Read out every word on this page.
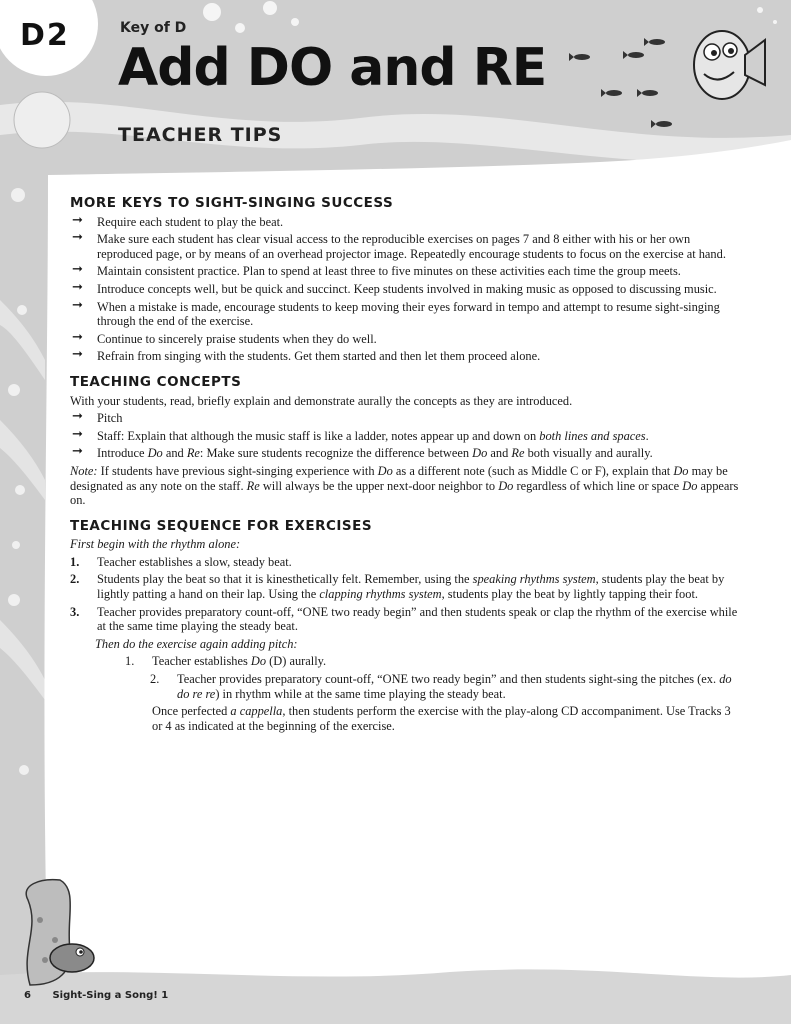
D2	Key of D
Add DO and RE
TEACHER TIPS
MORE KEYS TO SIGHT-SINGING SUCCESS
➞ Require each student to play the beat.
➞ Make sure each student has clear visual access to the reproducible exercises on pages 7 and 8 either with his or her own reproduced page, or by means of an overhead projector image. Repeatedly encourage students to focus on the exercise at hand.
➞ Maintain consistent practice. Plan to spend at least three to five minutes on these activities each time the group meets.
➞ Introduce concepts well, but be quick and succinct. Keep students involved in making music as opposed to discussing music.
➞ When a mistake is made, encourage students to keep moving their eyes forward in tempo and attempt to resume sight-singing through the end of the exercise.
➞ Continue to sincerely praise students when they do well.
➞ Refrain from singing with the students. Get them started and then let them proceed alone.
TEACHING CONCEPTS

With your students, read, briefly explain and demonstrate aurally the concepts as they are introduced.

➞ Pitch
➞ Staff: Explain that although the music staff is like a ladder, notes appear up and down on both lines and spaces.
➞ Introduce Do and Re: Make sure students recognize the difference between Do and Re both visually and aurally.

Note: If students have previous sight-singing experience with Do as a different note (such as Middle C or F), explain that Do may be designated as any note on the staff. Re will always be the upper next-door neighbor to Do regardless of which line or space Do appears on.

TEACHING SEQUENCE FOR EXERCISES

First begin with the rhythm alone:

1. Teacher establishes a slow, steady beat.
2. Students play the beat so that it is kinesthetically felt. Remember, using the speaking rhythms system, students play the beat by lightly patting a hand on their lap. Using the clapping rhythms system, students play the beat by lightly tapping their foot.
3. Teacher provides preparatory count-off, “ONE two ready begin” and then students speak or clap the rhythm of the exercise while at the same time playing the steady beat.

Then do the exercise again adding pitch:

1. Teacher establishes Do (D) aurally.
2. Teacher provides preparatory count-off, “ONE two ready begin” and then students sight-sing the pitches (ex. do do re re) in rhythm while at the same time playing the steady beat.

Once perfected a cappella, then students perform the exercise with the play-along CD accompaniment. Use Tracks 3 or 4 as indicated at the beginning of the exercise.

6 Sight-Sing a Song! 1
